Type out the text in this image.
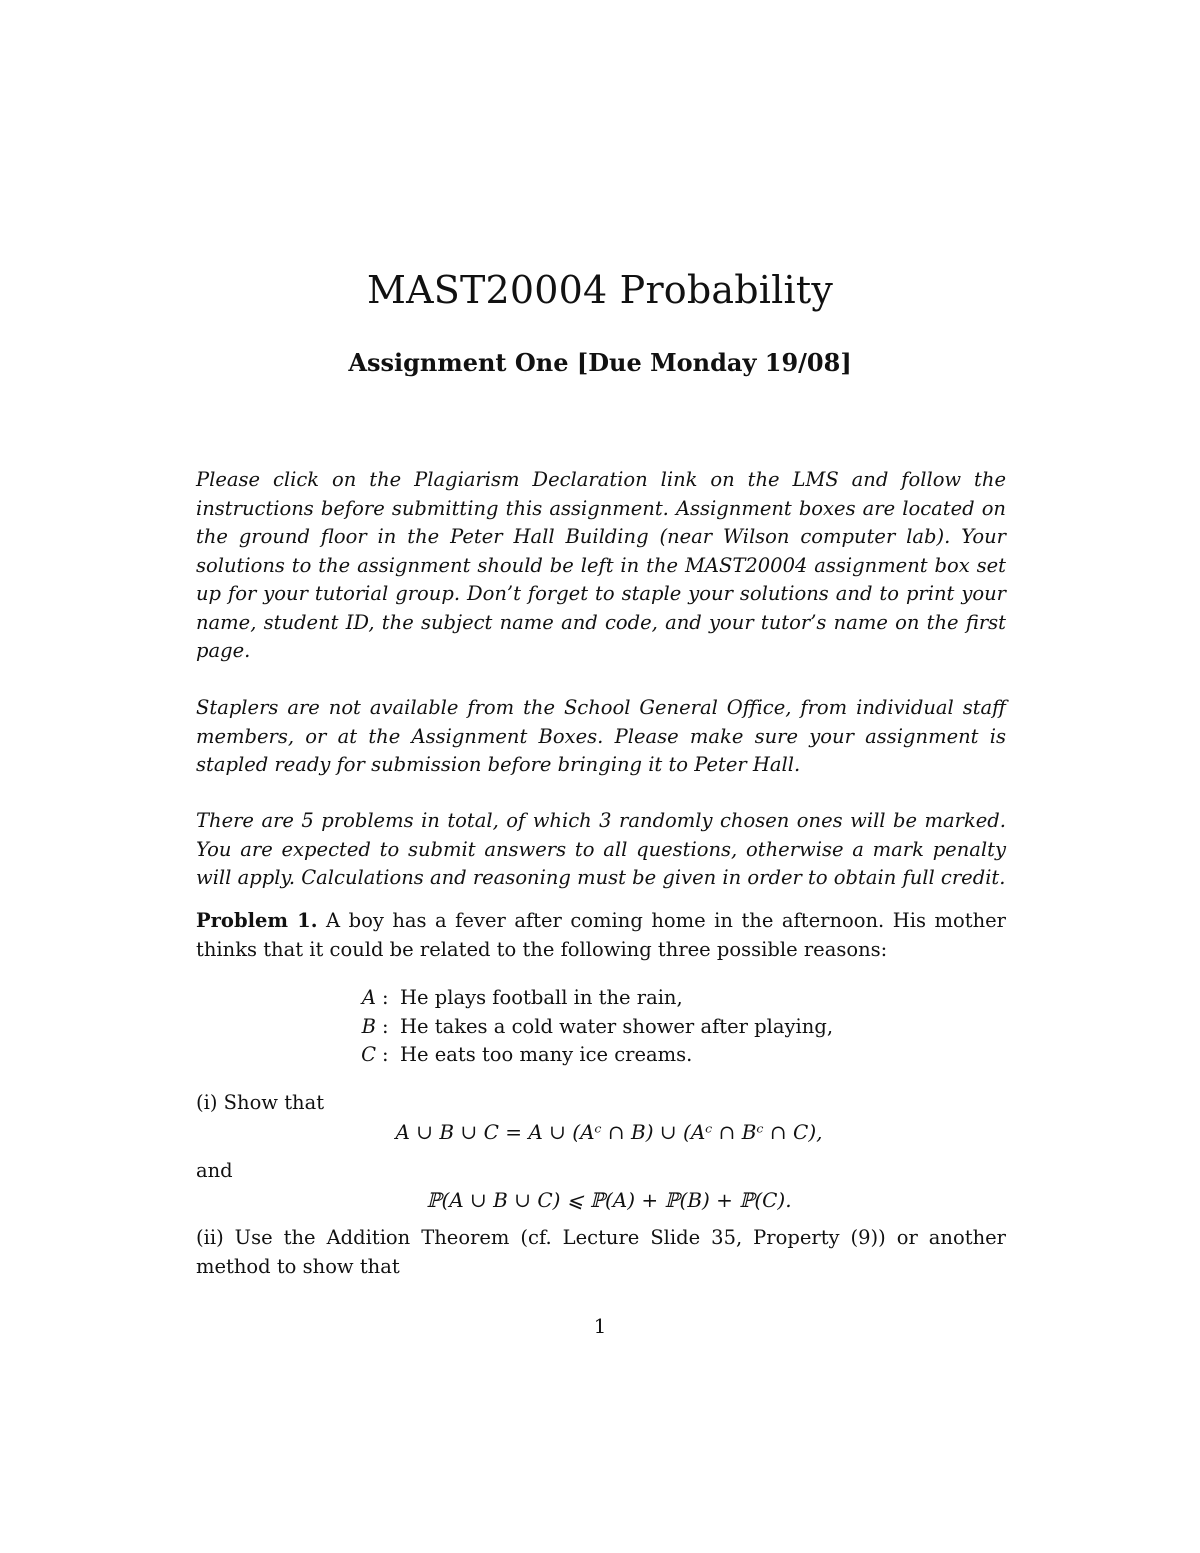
MAST20004 Probability
Assignment One [Due Monday 19/08]

Please click on the Plagiarism Declaration link on the LMS and follow the instructions before submitting this assignment. Assignment boxes are located on the ground floor in the Peter Hall Building (near Wilson computer lab). Your solutions to the assignment should be left in the MAST20004 assignment box set up for your tutorial group. Don’t forget to staple your solutions and to print your name, student ID, the subject name and code, and your tutor’s name on the first page.

Staplers are not available from the School General Office, from individual staff members, or at the Assignment Boxes. Please make sure your assignment is stapled ready for submission before bringing it to Peter Hall.

There are 5 problems in total, of which 3 randomly chosen ones will be marked. You are expected to submit answers to all questions, otherwise a mark penalty will apply. Calculations and reasoning must be given in order to obtain full credit.

Problem 1. A boy has a fever after coming home in the afternoon. His mother thinks that it could be related to the following three possible reasons:

A : He plays football in the rain,
B : He takes a cold water shower after playing,
C : He eats too many ice creams.

(i) Show that

A ∪ B ∪ C = A ∪ (Aᶜ ∩ B) ∪ (Aᶜ ∩ Bᶜ ∩ C),

and

ℙ(A ∪ B ∪ C) ⩽ ℙ(A) + ℙ(B) + ℙ(C).

(ii) Use the Addition Theorem (cf. Lecture Slide 35, Property (9)) or another method to show that

1
